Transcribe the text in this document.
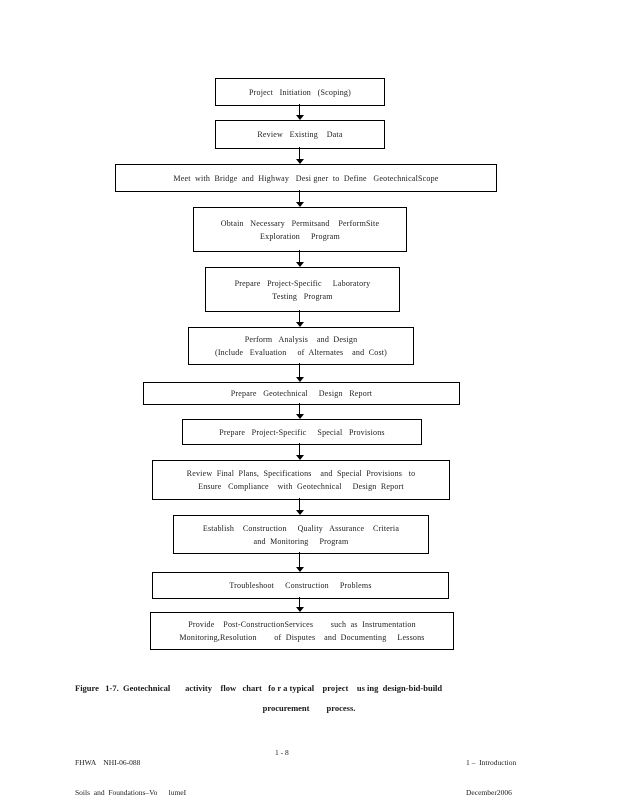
Project   Initiation   (Scoping)
Review   Existing    Data
Meet  with  Bridge  and  Highway   Desi gner  to  Define   GeotechnicalScope
Obtain   Necessary   Permitsand    PerformSite
Exploration     Program
Prepare   Project-Specific     Laboratory
Testing   Program
Perform   Analysis    and  Design
(Include   Evaluation     of  Alternates    and  Cost)
Prepare   Geotechnical     Design   Report
Prepare   Project-Specific     Special   Provisions
Review  Final  Plans,  Specifications    and  Special  Provisions   to
Ensure   Compliance    with  Geotechnical     Design  Report
Establish    Construction     Quality   Assurance    Criteria
and  Monitoring     Program
Troubleshoot     Construction     Problems
Provide    Post-ConstructionServices        such  as  Instrumentation
Monitoring,Resolution        of  Disputes    and  Documenting     Lessons
Figure   1-7.  Geotechnical       activity    flow   chart   fo r a typical    project    us ing  design-bid-build
procurement        process.

FHWA    NHI-06-088

Soils  and  Foundations–Vo      lumeI

1 - 8

1 –  Introduction

December2006
